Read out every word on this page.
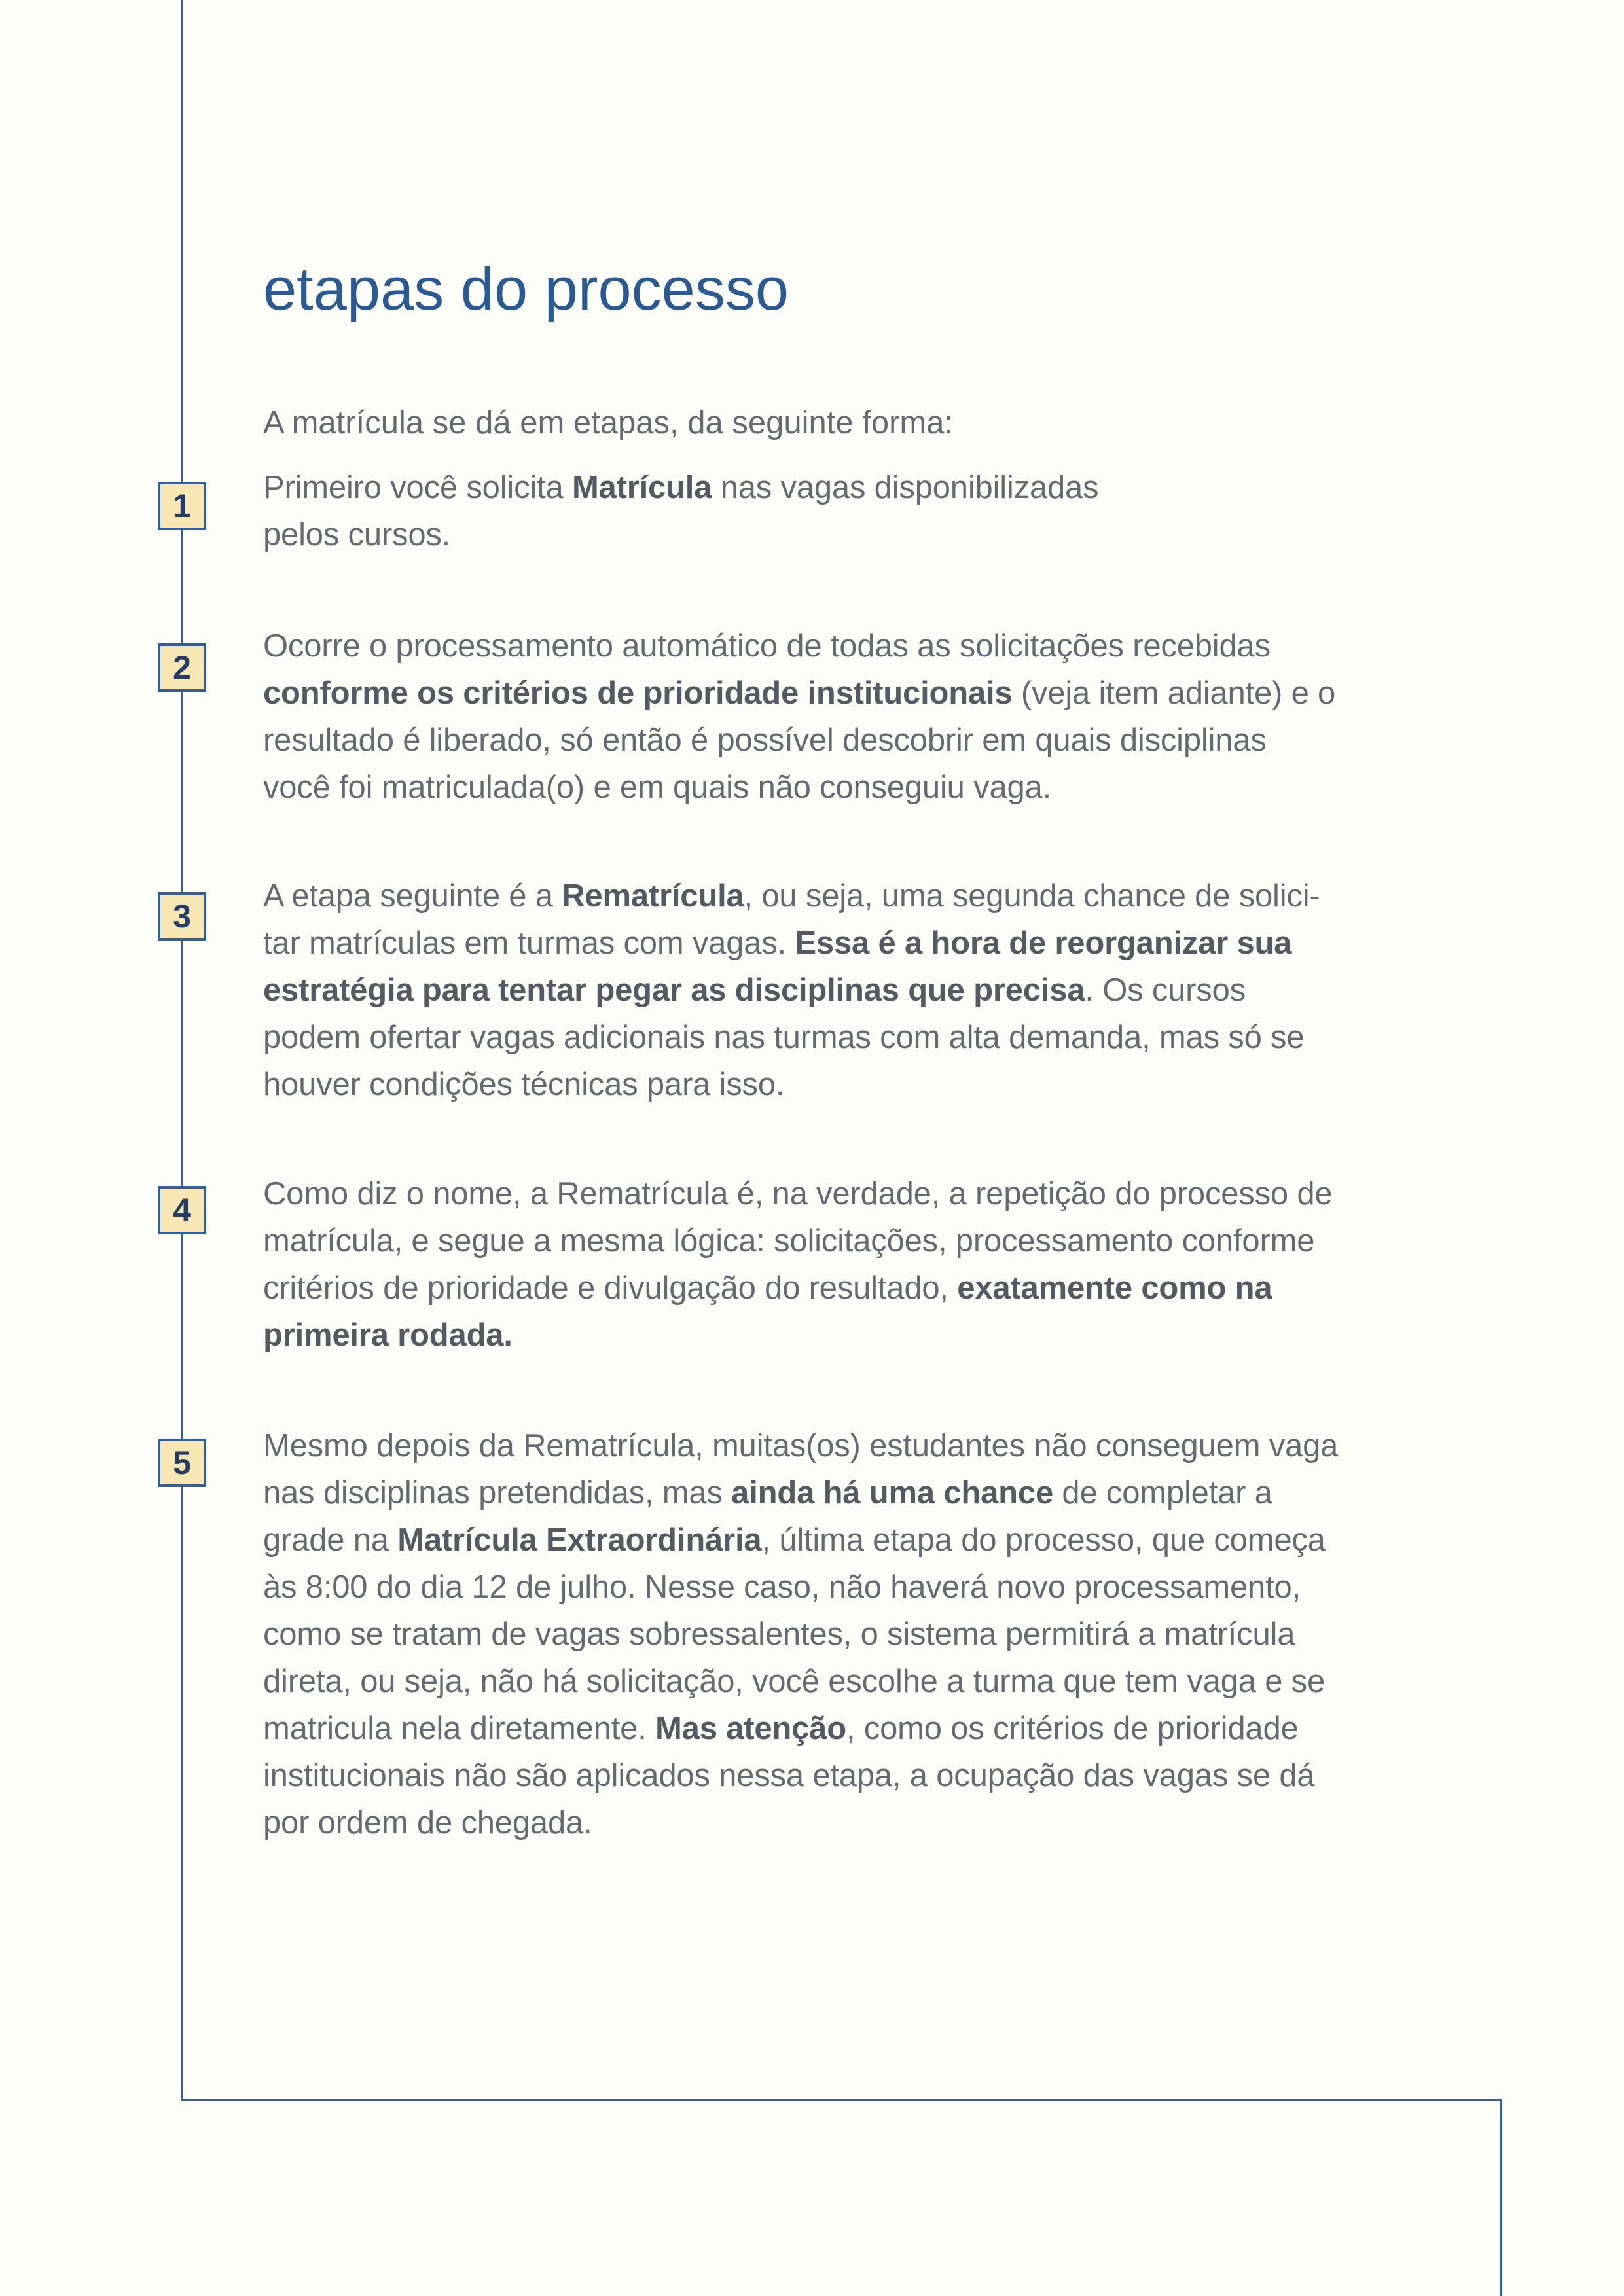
etapas do processo

A matrícula se dá em etapas, da seguinte forma:

1	Primeiro você solicita Matrícula nas vagas disponibilizadas
pelos cursos.

2

Ocorre o processamento automático de todas as solicitações recebidas
conforme os critérios de prioridade institucionais (veja item adiante) e o
resultado é liberado, só então é possível descobrir em quais disciplinas
você foi matriculada(o) e em quais não conseguiu vaga.

3

A etapa seguinte é a Rematrícula, ou seja, uma segunda chance de solici-
tar matrículas em turmas com vagas. Essa é a hora de reorganizar sua
estratégia para tentar pegar as disciplinas que precisa. Os cursos
podem ofertar vagas adicionais nas turmas com alta demanda, mas só se
houver condições técnicas para isso.

4	Como diz o nome, a Rematrícula é, na verdade, a repetição do processo de
matrícula, e segue a mesma lógica: solicitações, processamento conforme
critérios de prioridade e divulgação do resultado, exatamente como na
primeira rodada.

5	Mesmo depois da Rematrícula, muitas(os) estudantes não conseguem vaga
nas disciplinas pretendidas, mas ainda há uma chance de completar a
grade na Matrícula Extraordinária, última etapa do processo, que começa
às 8:00 do dia 12 de julho. Nesse caso, não haverá novo processamento,
como se tratam de vagas sobressalentes, o sistema permitirá a matrícula
direta, ou seja, não há solicitação, você escolhe a turma que tem vaga e se
matricula nela diretamente. Mas atenção, como os critérios de prioridade
institucionais não são aplicados nessa etapa, a ocupação das vagas se dá
por ordem de chegada.
